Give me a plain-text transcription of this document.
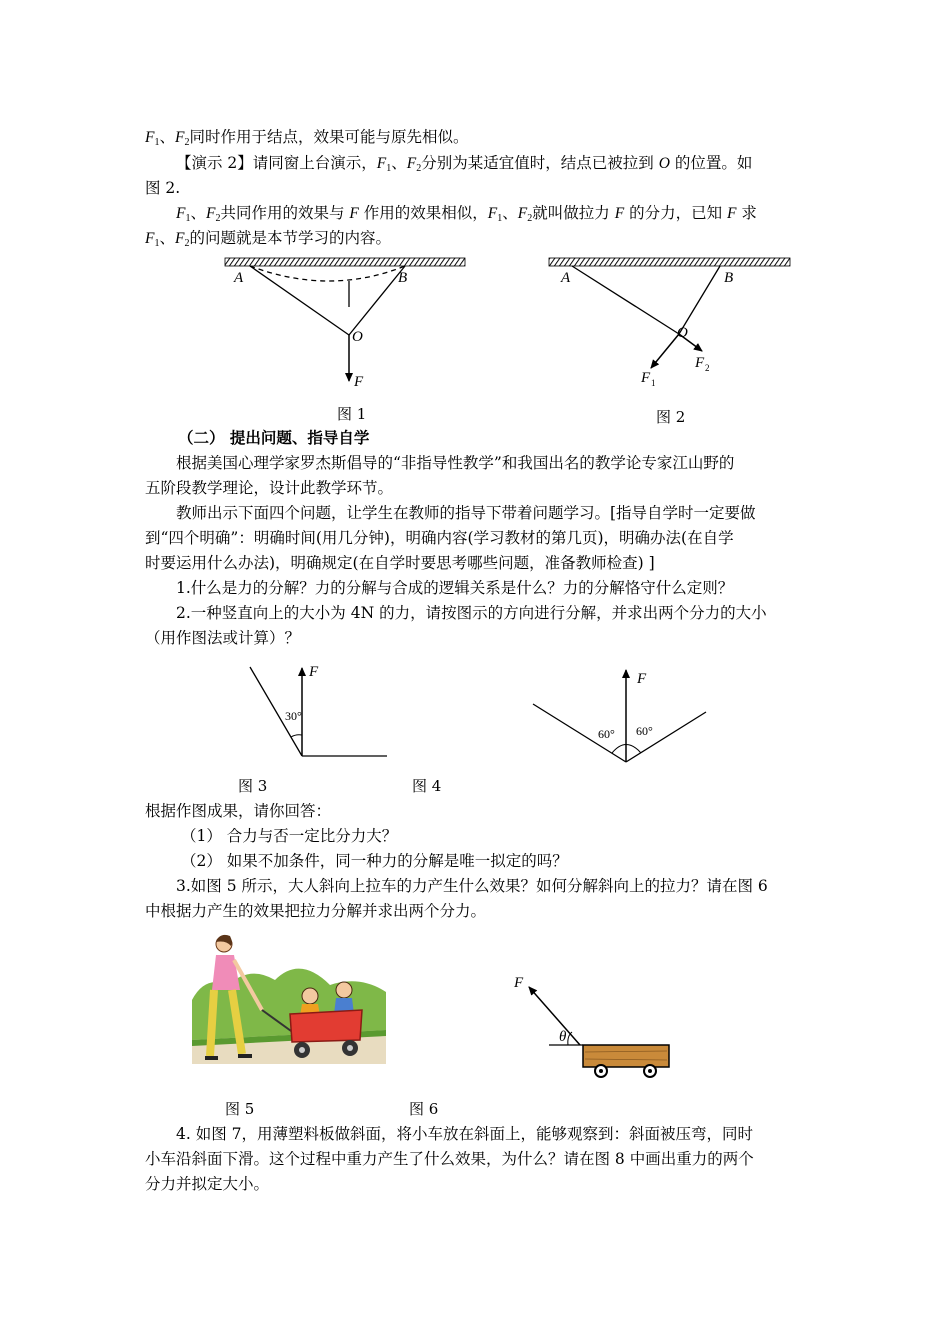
$F_1$、$F_2$同时作用于结点，效果可能与原先相似。
【演示 2】请同窗上台演示，$F_1$、$F_2$分别为某适宜值时，结点已被拉到 O 的位置。如
图 2.
$F_1$、$F_2$共同作用的效果与 F 作用的效果相似，$F_1$、$F_2$就叫做拉力 F 的分力，已知 F 求
$F_1$、$F_2$的问题就是本节学习的内容。
A	B
O
F
图 1
A	B
O
F 1
F 2
图 2
（二） 提出问题、指导自学
根据美国心理学家罗杰斯倡导的“非指导性教学”和我国出名的教学论专家江山野的
五阶段教学理论，设计此教学环节。
教师出示下面四个问题，让学生在教师的指导下带着问题学习。[指导自学时一定要做
到“四个明确”：明确时间(用几分钟)，明确内容(学习教材的第几页)，明确办法(在自学
时要运用什么办法)，明确规定(在自学时要思考哪些问题，准备教师检查) ]
1.什么是力的分解？力的分解与合成的逻辑关系是什么？力的分解恪守什么定则？
2.一种竖直向上的大小为 4N 的力，请按图示的方向进行分解，并求出两个分力的大小
（用作图法或计算）？
F
30°
F
60° 60°
图 3	图 4
根据作图成果，请你回答：
（1） 合力与否一定比分力大？
（2） 如果不加条件，同一种力的分解是唯一拟定的吗？
3.如图 5 所示，大人斜向上拉车的力产生什么效果？如何分解斜向上的拉力？请在图 6
中根据力产生的效果把拉力分解并求出两个分力。
F
θ
图 5	图 6
4. 如图 7，用薄塑料板做斜面，将小车放在斜面上，能够观察到：斜面被压弯，同时
小车沿斜面下滑。这个过程中重力产生了什么效果，为什么？请在图 8 中画出重力的两个
分力并拟定大小。
